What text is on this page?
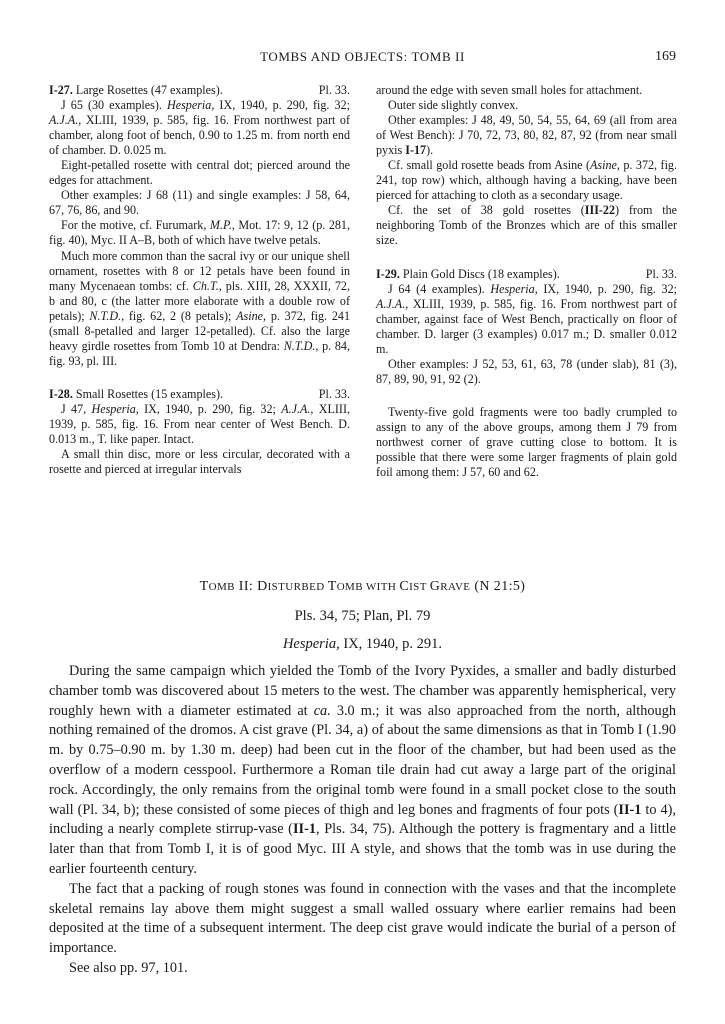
TOMBS AND OBJECTS: TOMB II	169

I-27. Large Rosettes (47 examples).	Pl. 33.

J 65 (30 examples). Hesperia, IX, 1940, p. 290, fig. 32; A.J.A., XLIII, 1939, p. 585, fig. 16. From northwest part of chamber, along foot of bench, 0.90 to 1.25 m. from north end of chamber. D. 0.025 m.

Eight-petalled rosette with central dot; pierced around the edges for attachment.

Other examples: J 68 (11) and single examples: J 58, 64, 67, 76, 86, and 90.

For the motive, cf. Furumark, M.P., Mot. 17: 9, 12 (p. 281, fig. 40), Myc. II A–B, both of which have twelve petals.

Much more common than the sacral ivy or our unique shell ornament, rosettes with 8 or 12 petals have been found in many Mycenaean tombs: cf. Ch.T., pls. XIII, 28, XXXII, 72, b and 80, c (the latter more elaborate with a double row of petals); N.T.D., fig. 62, 2 (8 petals); Asine, p. 372, fig. 241 (small 8-petalled and larger 12-petalled). Cf. also the large heavy girdle rosettes from Tomb 10 at Dendra: N.T.D., p. 84, fig. 93, pl. III.

I-28. Small Rosettes (15 examples).	Pl. 33.

J 47, Hesperia, IX, 1940, p. 290, fig. 32; A.J.A., XLIII, 1939, p. 585, fig. 16. From near center of West Bench. D. 0.013 m., T. like paper. Intact.

A small thin disc, more or less circular, decorated with a rosette and pierced at irregular intervals

around the edge with seven small holes for attachment.

Outer side slightly convex.

Other examples: J 48, 49, 50, 54, 55, 64, 69 (all from area of West Bench): J 70, 72, 73, 80, 82, 87, 92 (from near small pyxis I-17).

Cf. small gold rosette beads from Asine (Asine, p. 372, fig. 241, top row) which, although having a backing, have been pierced for attaching to cloth as a secondary usage.

Cf. the set of 38 gold rosettes (III-22) from the neighboring Tomb of the Bronzes which are of this smaller size.

I-29. Plain Gold Discs (18 examples).	Pl. 33.

J 64 (4 examples). Hesperia, IX, 1940, p. 290, fig. 32; A.J.A., XLIII, 1939, p. 585, fig. 16. From northwest part of chamber, against face of West Bench, practically on floor of chamber. D. larger (3 examples) 0.017 m.; D. smaller 0.012 m.

Other examples: J 52, 53, 61, 63, 78 (under slab), 81 (3), 87, 89, 90, 91, 92 (2).

Twenty-five gold fragments were too badly crumpled to assign to any of the above groups, among them J 79 from northwest corner of grave cutting close to bottom. It is possible that there were some larger fragments of plain gold foil among them: J 57, 60 and 62.

TOMB II: DISTURBED TOMB WITH CIST GRAVE (N 21:5)
Pls. 34, 75; Plan, Pl. 79
Hesperia, IX, 1940, p. 291.

During the same campaign which yielded the Tomb of the Ivory Pyxides, a smaller and badly disturbed chamber tomb was discovered about 15 meters to the west. The chamber was apparently hemispherical, very roughly hewn with a diameter estimated at ca. 3.0 m.; it was also approached from the north, although nothing remained of the dromos. A cist grave (Pl. 34, a) of about the same dimensions as that in Tomb I (1.90 m. by 0.75–0.90 m. by 1.30 m. deep) had been cut in the floor of the chamber, but had been used as the overflow of a modern cesspool. Furthermore a Roman tile drain had cut away a large part of the original rock. Accordingly, the only remains from the original tomb were found in a small pocket close to the south wall (Pl. 34, b); these consisted of some pieces of thigh and leg bones and fragments of four pots (II-1 to 4), including a nearly complete stirrup-vase (II-1, Pls. 34, 75). Although the pottery is fragmentary and a little later than that from Tomb I, it is of good Myc. III A style, and shows that the tomb was in use during the earlier fourteenth century.

The fact that a packing of rough stones was found in connection with the vases and that the incomplete skeletal remains lay above them might suggest a small walled ossuary where earlier remains had been deposited at the time of a subsequent interment. The deep cist grave would indicate the burial of a person of importance.

See also pp. 97, 101.
